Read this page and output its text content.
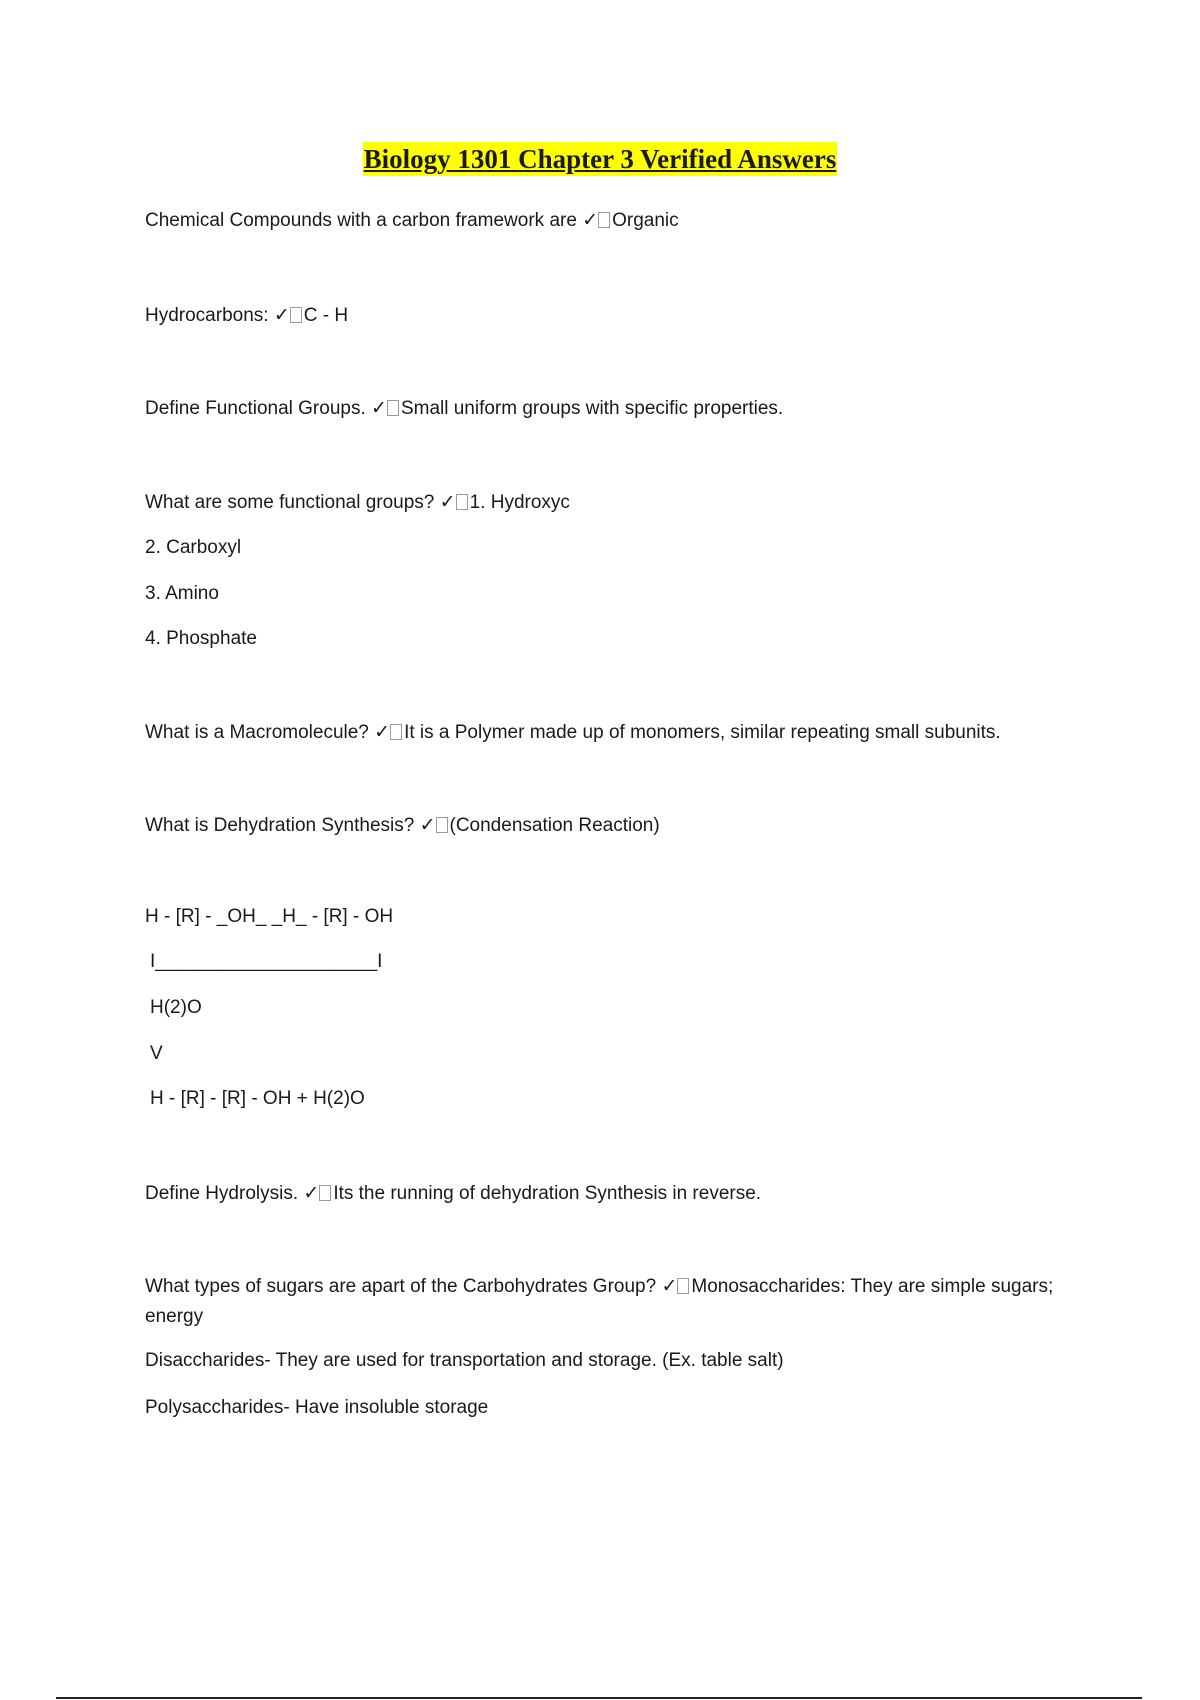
Biology 1301 Chapter 3 Verified Answers
Chemical Compounds with a carbon framework are ✓ Organic
Hydrocarbons: ✓ C - H
Define Functional Groups. ✓ Small uniform groups with specific properties.
What are some functional groups? ✓ 1. Hydroxyc
2. Carboxyl
3. Amino
4. Phosphate
What is a Macromolecule? ✓ It is a Polymer made up of monomers, similar repeating small subunits.
What is Dehydration Synthesis? ✓ (Condensation Reaction)
H - [R] - _OH_ _H_ - [R] - OH
I_____________________I
H(2)O
V
H - [R] - [R] - OH + H(2)O
Define Hydrolysis. ✓ Its the running of dehydration Synthesis in reverse.
What types of sugars are apart of the Carbohydrates Group? ✓ Monosaccharides: They are simple sugars; energy
Disaccharides- They are used for transportation and storage. (Ex. table salt)
Polysaccharides- Have insoluble storage
